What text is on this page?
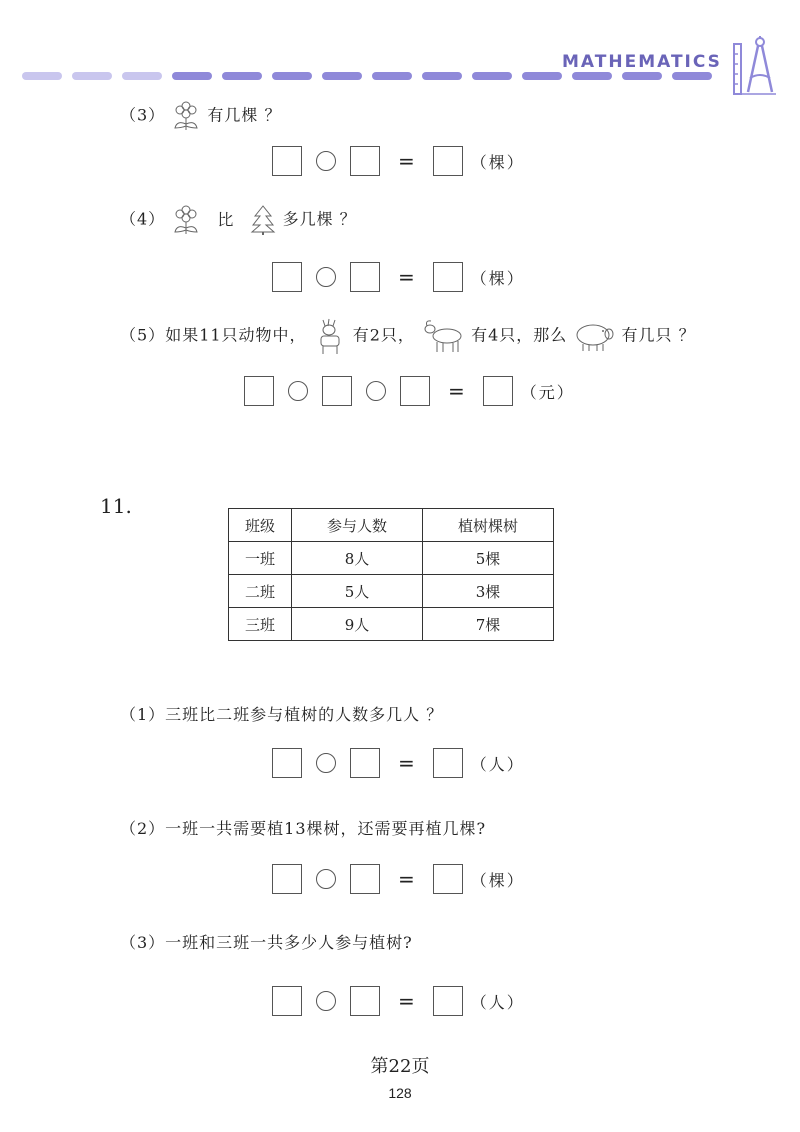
MATHEMATICS
（3）	有几棵 ？
=	（棵）
（4）	比	多几棵 ？
=	（棵）
（5）如果11只动物中，	有2只，	有4只，那么	有几只 ？
=	（元）
11.
班级	参与人数	植树棵树
一班	8人	5棵
二班	5人	3棵
三班	9人	7棵
（1）三班比二班参与植树的人数多几人 ？
=	（人）
（2）一班一共需要植13棵树，还需要再植几棵?
=	（棵）
（3）一班和三班一共多少人参与植树?
=	（人）
第22页
128
